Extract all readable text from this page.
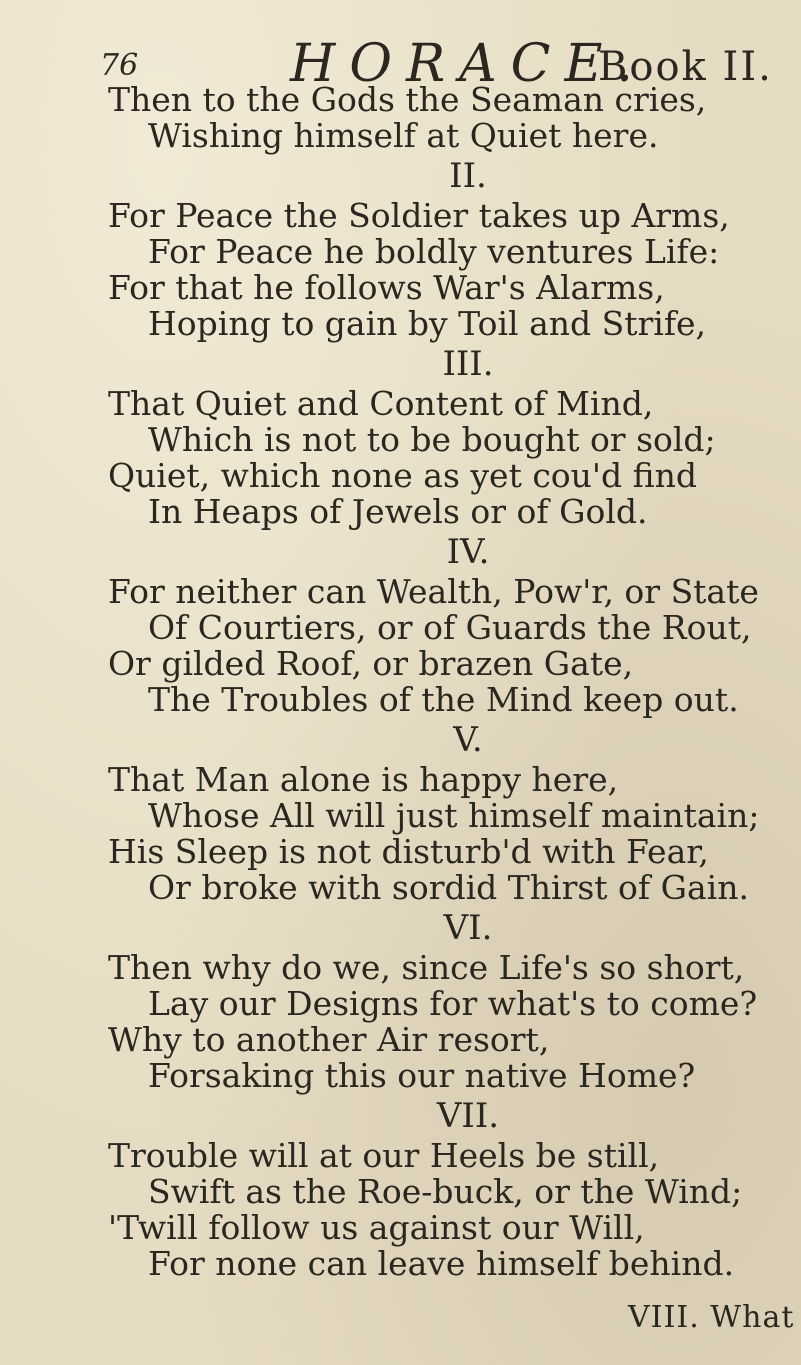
76	HORACE.
Book II.

Then to the Gods the Seaman cries,

Wishing himself at Quiet here.

II.

For Peace the Soldier takes up Arms,

For Peace he boldly ventures Life:

For that he follows War's Alarms,

Hoping to gain by Toil and Strife,

III.

That Quiet and Content of Mind,

Which is not to be bought or sold;

Quiet, which none as yet cou'd find

In Heaps of Jewels or of Gold.

IV.

For neither can Wealth, Pow'r, or State

Of Courtiers, or of Guards the Rout,

Or gilded Roof, or brazen Gate,

The Troubles of the Mind keep out.

V.

That Man alone is happy here,

Whose All will just himself maintain;

His Sleep is not disturb'd with Fear,

Or broke with sordid Thirst of Gain.

VI.

Then why do we, since Life's so short,

Lay our Designs for what's to come?

Why to another Air resort,

Forsaking this our native Home?

VII.

Trouble will at our Heels be still,

Swift as the Roe-buck, or the Wind;

'Twill follow us against our Will,

For none can leave himself behind.

VIII. What
